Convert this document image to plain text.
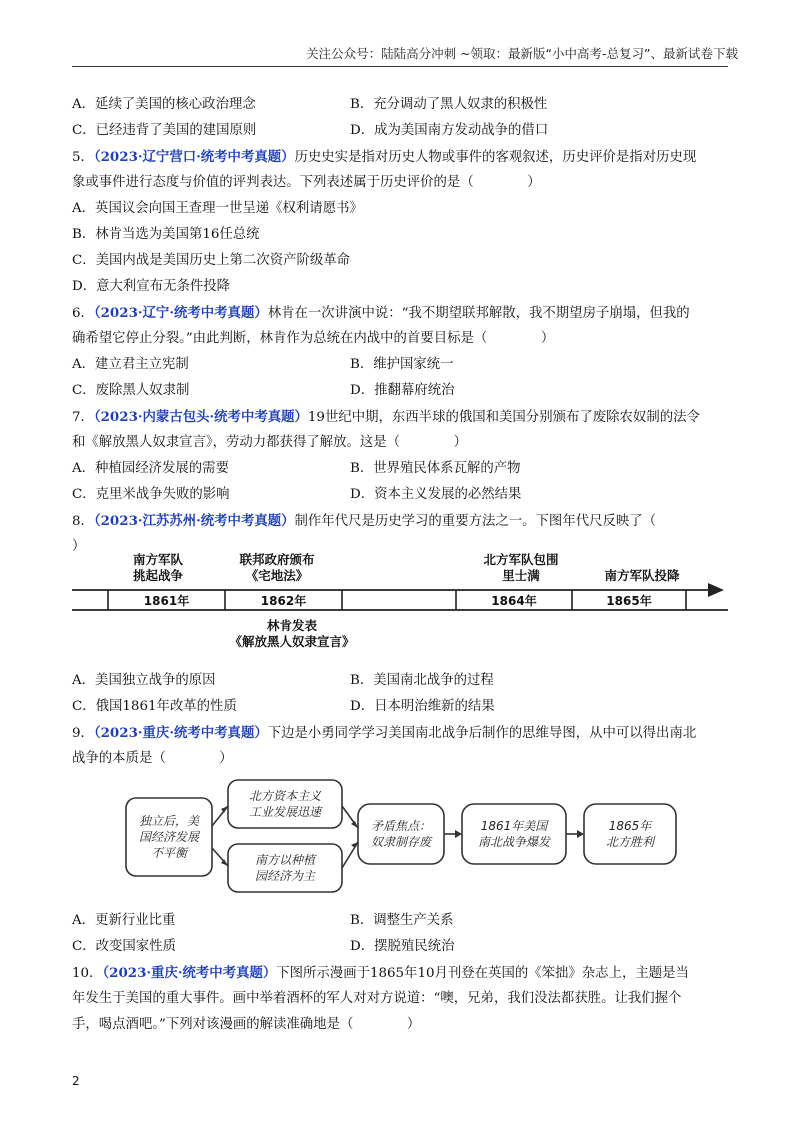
关注公众号：陆陆高分冲刺 ~领取：最新版“小中高考-总复习”、最新试卷下载
A．延续了美国的核心政治理念	B．充分调动了黑人奴隶的积极性
C．已经违背了美国的建国原则	D．成为美国南方发动战争的借口
5．（2023·辽宁营口·统考中考真题）历史史实是指对历史人物或事件的客观叙述，历史评价是指对历史现
象或事件进行态度与价值的评判表达。下列表述属于历史评价的是（　　　　）
A．英国议会向国王查理一世呈递《权利请愿书》
B．林肯当选为美国第16任总统
C．美国内战是美国历史上第二次资产阶级革命
D．意大利宣布无条件投降
6．（2023·辽宁·统考中考真题）林肯在一次讲演中说：“我不期望联邦解散，我不期望房子崩塌，但我的
确希望它停止分裂。”由此判断，林肯作为总统在内战中的首要目标是（　　　　）
A．建立君主立宪制	B．维护国家统一
C．废除黑人奴隶制	D．推翻幕府统治
7．（2023·内蒙古包头·统考中考真题）19世纪中期，东西半球的俄国和美国分别颁布了废除农奴制的法令
和《解放黑人奴隶宣言》，劳动力都获得了解放。这是（　　　　）
A．种植园经济发展的需要	B．世界殖民体系瓦解的产物
C．克里米战争失败的影响	D．资本主义发展的必然结果
8．（2023·江苏苏州·统考中考真题）制作年代尺是历史学习的重要方法之一。下图年代尺反映了（
）
南方军队
挑起战争
联邦政府颁布
《宅地法》
北方军队包围
里士满	南方军队投降
1861年	1862年	1864年	1865年
林肯发表
《解放黑人奴隶宣言》
A．美国独立战争的原因	B．美国南北战争的过程
C．俄国1861年改革的性质	D．日本明治维新的结果
9．（2023·重庆·统考中考真题）下边是小勇同学学习美国南北战争后制作的思维导图，从中可以得出南北
战争的本质是（　　　　）
独立后，美
国经济发展
不平衡
北方资本主义
工业发展迅速
南方以种植
园经济为主
矛盾焦点：
奴隶制存废
1861年美国
南北战争爆发
1865年
北方胜利
A．更新行业比重	B．调整生产关系
C．改变国家性质	D．摆脱殖民统治
10．（2023·重庆·统考中考真题）下图所示漫画于1865年10月刊登在英国的《笨拙》杂志上，主题是当
年发生于美国的重大事件。画中举着酒杯的军人对对方说道：“噢，兄弟，我们没法都获胜。让我们握个
手，喝点酒吧。”下列对该漫画的解读准确地是（　　　　）
2
